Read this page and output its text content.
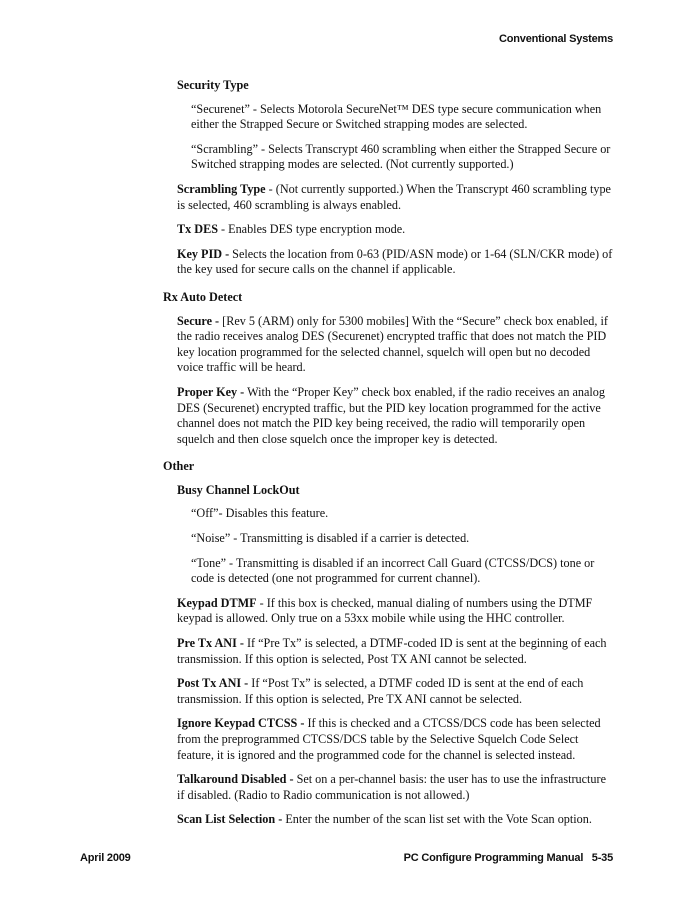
Conventional Systems
Security Type
“Securenet” - Selects Motorola SecureNet™ DES type secure communication when either the Strapped Secure or Switched strapping modes are selected.
“Scrambling” - Selects Transcrypt 460 scrambling when either the Strapped Secure or Switched strapping modes are selected. (Not currently supported.)
Scrambling Type - (Not currently supported.) When the Transcrypt 460 scrambling type is selected, 460 scrambling is always enabled.
Tx DES - Enables DES type encryption mode.
Key PID - Selects the location from 0-63 (PID/ASN mode) or 1-64 (SLN/CKR mode) of the key used for secure calls on the channel if applicable.
Rx Auto Detect
Secure - [Rev 5 (ARM) only for 5300 mobiles] With the “Secure” check box enabled, if the radio receives analog DES (Securenet) encrypted traffic that does not match the PID key location programmed for the selected channel, squelch will open but no decoded voice traffic will be heard.
Proper Key - With the “Proper Key” check box enabled, if the radio receives an analog DES (Securenet) encrypted traffic, but the PID key location programmed for the active channel does not match the PID key being received, the radio will temporarily open squelch and then close squelch once the improper key is detected.
Other
Busy Channel LockOut
“Off”- Disables this feature.
“Noise” - Transmitting is disabled if a carrier is detected.
“Tone” - Transmitting is disabled if an incorrect Call Guard (CTCSS/DCS) tone or code is detected (one not programmed for current channel).
Keypad DTMF - If this box is checked, manual dialing of numbers using the DTMF keypad is allowed. Only true on a 53xx mobile while using the HHC controller.
Pre Tx ANI - If “Pre Tx” is selected, a DTMF-coded ID is sent at the beginning of each transmission. If this option is selected, Post TX ANI cannot be selected.
Post Tx ANI - If “Post Tx” is selected, a DTMF coded ID is sent at the end of each transmission. If this option is selected, Pre TX ANI cannot be selected.
Ignore Keypad CTCSS - If this is checked and a CTCSS/DCS code has been selected from the preprogrammed CTCSS/DCS table by the Selective Squelch Code Select feature, it is ignored and the programmed code for the channel is selected instead.
Talkaround Disabled - Set on a per-channel basis: the user has to use the infrastructure if disabled. (Radio to Radio communication is not allowed.)
Scan List Selection - Enter the number of the scan list set with the Vote Scan option.
April 2009	PC Configure Programming Manual 5-35
